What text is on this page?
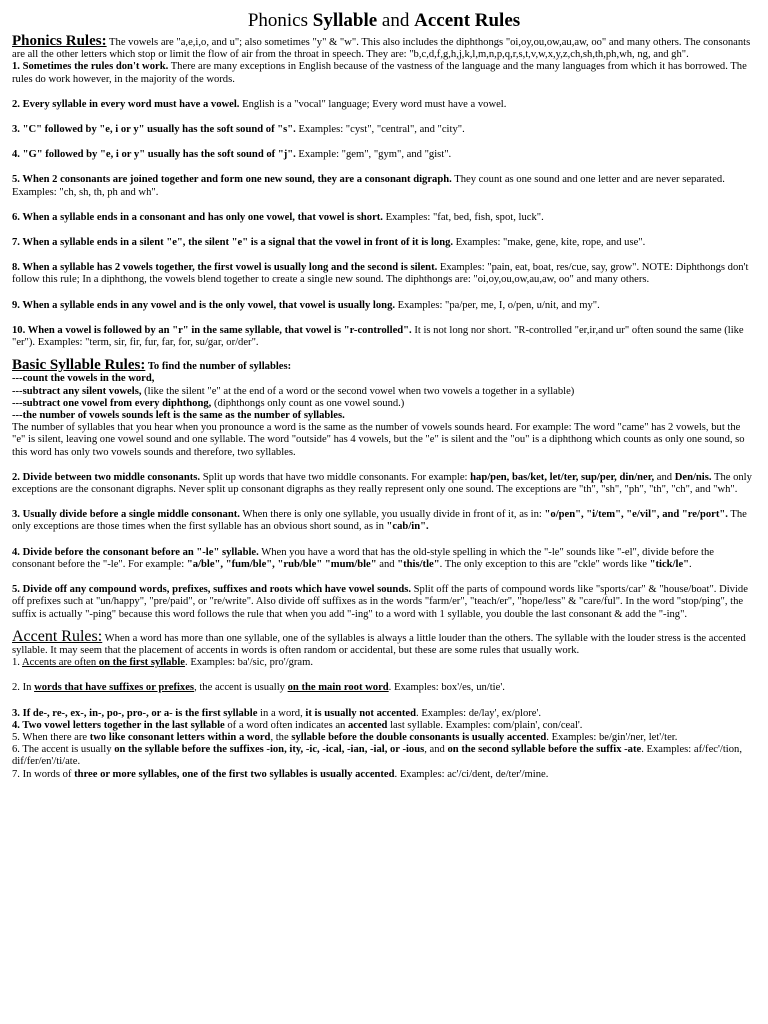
Phonics Syllable and Accent Rules

Phonics Rules: The vowels are "a,e,i,o, and u"; also sometimes "y" & "w". This also includes the diphthongs "oi,oy,ou,ow,au,aw, oo" and many others. The consonants are all the other letters which stop or limit the flow of air from the throat in speech. They are: "b,c,d,f,g,h,j,k,l,m,n,p,q,r,s,t,v,w,x,y,z,ch,sh,th,ph,wh, ng, and gh".

1. Sometimes the rules don't work. There are many exceptions in English because of the vastness of the language and the many languages from which it has borrowed. The rules do work however, in the majority of the words.

2. Every syllable in every word must have a vowel. English is a "vocal" language; Every word must have a vowel.

3. "C" followed by "e, i or y" usually has the soft sound of "s". Examples: "cyst", "central", and "city".

4. "G" followed by "e, i or y" usually has the soft sound of "j". Example: "gem", "gym", and "gist".

5. When 2 consonants are joined together and form one new sound, they are a consonant digraph. They count as one sound and one letter and are never separated. Examples: "ch, sh, th, ph and wh".

6. When a syllable ends in a consonant and has only one vowel, that vowel is short. Examples: "fat, bed, fish, spot, luck".

7. When a syllable ends in a silent "e", the silent "e" is a signal that the vowel in front of it is long. Examples: "make, gene, kite, rope, and use".

8. When a syllable has 2 vowels together, the first vowel is usually long and the second is silent. Examples: "pain, eat, boat, res/cue, say, grow". NOTE: Diphthongs don't follow this rule; In a diphthong, the vowels blend together to create a single new sound. The diphthongs are: "oi,oy,ou,ow,au,aw, oo" and many others.

9. When a syllable ends in any vowel and is the only vowel, that vowel is usually long. Examples: "pa/per, me, I, o/pen, u/nit, and my".

10. When a vowel is followed by an "r" in the same syllable, that vowel is "r-controlled". It is not long nor short. "R-controlled "er,ir,and ur" often sound the same (like "er"). Examples: "term, sir, fir, fur, far, for, su/gar, or/der".

Basic Syllable Rules: To find the number of syllables:

---count the vowels in the word,

---subtract any silent vowels, (like the silent "e" at the end of a word or the second vowel when two vowels a together in a syllable)

---subtract one vowel from every diphthong, (diphthongs only count as one vowel sound.)

---the number of vowels sounds left is the same as the number of syllables.

The number of syllables that you hear when you pronounce a word is the same as the number of vowels sounds heard. For example: The word "came" has 2 vowels, but the "e" is silent, leaving one vowel sound and one syllable. The word "outside" has 4 vowels, but the "e" is silent and the "ou" is a diphthong which counts as only one sound, so this word has only two vowels sounds and therefore, two syllables.

2. Divide between two middle consonants. Split up words that have two middle consonants. For example: hap/pen, bas/ket, let/ter, sup/per, din/ner, and Den/nis. The only exceptions are the consonant digraphs. Never split up consonant digraphs as they really represent only one sound. The exceptions are "th", "sh", "ph", "th", "ch", and "wh".

3. Usually divide before a single middle consonant. When there is only one syllable, you usually divide in front of it, as in: "o/pen", "i/tem", "e/vil", and "re/port". The only exceptions are those times when the first syllable has an obvious short sound, as in "cab/in".

4. Divide before the consonant before an "-le" syllable. When you have a word that has the old-style spelling in which the "-le" sounds like "-el", divide before the consonant before the "-le". For example: "a/ble", "fum/ble", "rub/ble" "mum/ble" and "this/tle". The only exception to this are "ckle" words like "tick/le".

5. Divide off any compound words, prefixes, suffixes and roots which have vowel sounds. Split off the parts of compound words like "sports/car" & "house/boat". Divide off prefixes such at "un/happy", "pre/paid", or "re/write". Also divide off suffixes as in the words "farm/er", "teach/er", "hope/less" & "care/ful". In the word "stop/ping", the suffix is actually "-ping" because this word follows the rule that when you add "-ing" to a word with 1 syllable, you double the last consonant & add the "-ing".

Accent Rules: When a word has more than one syllable, one of the syllables is always a little louder than the others. The syllable with the louder stress is the accented syllable. It may seem that the placement of accents in words is often random or accidental, but these are some rules that usually work.

1. Accents are often on the first syllable. Examples: ba'/sic, pro'/gram.

2. In words that have suffixes or prefixes, the accent is usually on the main root word. Examples: box'/es, un/tie'.

3. If de-, re-, ex-, in-, po-, pro-, or a- is the first syllable in a word, it is usually not accented. Examples: de/lay', ex/plore'.

4. Two vowel letters together in the last syllable of a word often indicates an accented last syllable. Examples: com/plain', con/ceal'.

5. When there are two like consonant letters within a word, the syllable before the double consonants is usually accented. Examples: be/gin'/ner, let'/ter.

6. The accent is usually on the syllable before the suffixes -ion, ity, -ic, -ical, -ian, -ial, or -ious, and on the second syllable before the suffix -ate. Examples: af/fec'/tion, dif/fer/en'/ti/ate.

7. In words of three or more syllables, one of the first two syllables is usually accented. Examples: ac'/ci/dent, de/ter'/mine.
